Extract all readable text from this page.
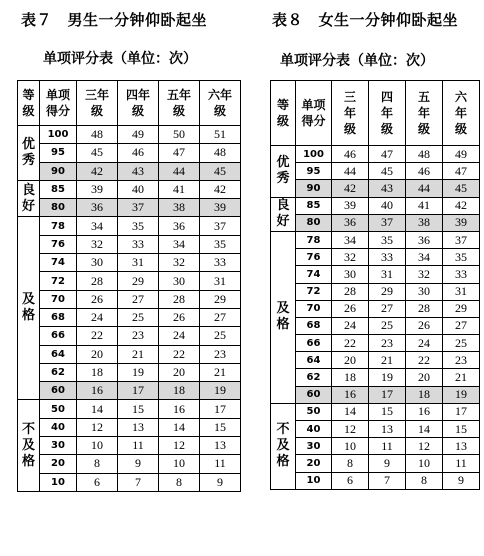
表７　男生一分钟仰卧起坐
单项评分表（单位：次）
等级	单项得分	三年级	四年级	五年级	六年级
优秀	100	48	49	50	51
	95	45	46	47	48
	90	42	43	44	45
良好	85	39	40	41	42
	80	36	37	38	39
及格	78	34	35	36	37
	76	32	33	34	35
	74	30	31	32	33
	72	28	29	30	31
	70	26	27	28	29
	68	24	25	26	27
	66	22	23	24	25
	64	20	21	22	23
	62	18	19	20	21
	60	16	17	18	19
不及格	50	14	15	16	17
	40	12	13	14	15
	30	10	11	12	13
	20	8	9	10	11
	10	6	7	8	9
表８　女生一分钟仰卧起坐
单项评分表（单位：次）
等级	单项得分	三年级	四年级	五年级	六年级
优秀	100	46	47	48	49
	95	44	45	46	47
	90	42	43	44	45
良好	85	39	40	41	42
	80	36	37	38	39
及格	78	34	35	36	37
	76	32	33	34	35
	74	30	31	32	33
	72	28	29	30	31
	70	26	27	28	29
	68	24	25	26	27
	66	22	23	24	25
	64	20	21	22	23
	62	18	19	20	21
	60	16	17	18	19
不及格	50	14	15	16	17
	40	12	13	14	15
	30	10	11	12	13
	20	8	9	10	11
	10	6	7	8	9
